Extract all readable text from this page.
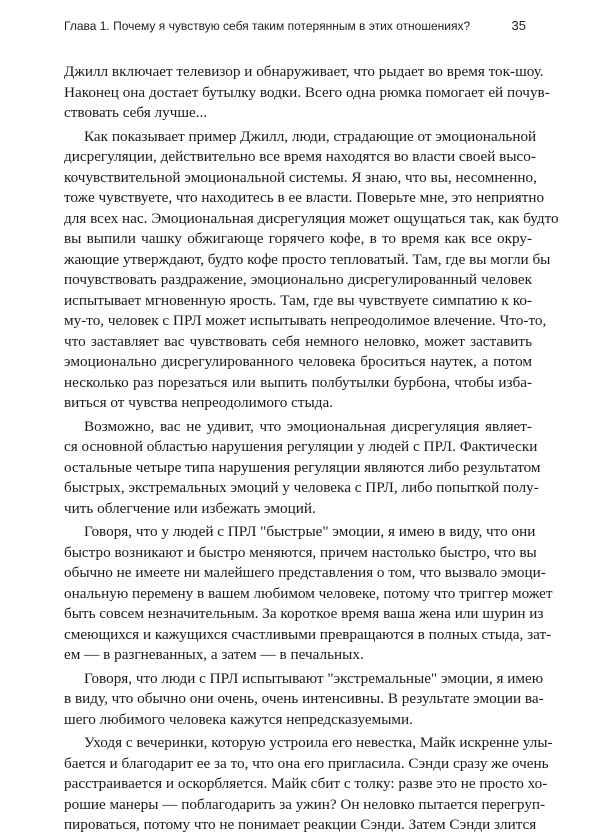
Глава 1. Почему я чувствую себя таким потерянным в этих отношениях?	35
Джилл включает телевизор и обнаруживает, что рыдает во время ток-шоу.
Наконец она достает бутылку водки. Всего одна рюмка помогает ей почув-
ствовать себя лучше...
Как показывает пример Джилл, люди, страдающие от эмоциональной
дисрегуляции, действительно все время находятся во власти своей высо-
кочувствительной эмоциональной системы. Я знаю, что вы, несомненно,
тоже чувствуете, что находитесь в ее власти. Поверьте мне, это неприятно
для всех нас. Эмоциональная дисрегуляция может ощущаться так, как будто
вы выпили чашку обжигающе горячего кофе, в то время как все окру-
жающие утверждают, будто кофе просто тепловатый. Там, где вы могли бы
почувствовать раздражение, эмоционально дисрегулированный человек
испытывает мгновенную ярость. Там, где вы чувствуете симпатию к ко-
му-то, человек с ПРЛ может испытывать непреодолимое влечение. Что-то,
что заставляет вас чувствовать себя немного неловко, может заставить
эмоционально дисрегулированного человека броситься наутек, а потом
несколько раз порезаться или выпить полбутылки бурбона, чтобы изба-
виться от чувства непреодолимого стыда.
Возможно, вас не удивит, что эмоциональная дисрегуляция являет-
ся основной областью нарушения регуляции у людей с ПРЛ. Фактически
остальные четыре типа нарушения регуляции являются либо результатом
быстрых, экстремальных эмоций у человека с ПРЛ, либо попыткой полу-
чить облегчение или избежать эмоций.
Говоря, что у людей с ПРЛ "быстрые" эмоции, я имею в виду, что они
быстро возникают и быстро меняются, причем настолько быстро, что вы
обычно не имеете ни малейшего представления о том, что вызвало эмоци-
ональную перемену в вашем любимом человеке, потому что триггер может
быть совсем незначительным. За короткое время ваша жена или шурин из
смеющихся и кажущихся счастливыми превращаются в полных стыда, зат-
ем — в разгневанных, а затем — в печальных.
Говоря, что люди с ПРЛ испытывают "экстремальные" эмоции, я имею
в виду, что обычно они очень, очень интенсивны. В результате эмоции ва-
шего любимого человека кажутся непредсказуемыми.
Уходя с вечеринки, которую устроила его невестка, Майк искренне улы-
бается и благодарит ее за то, что она его пригласила. Сэнди сразу же очень
расстраивается и оскорбляется. Майк сбит с толку: разве это не просто хо-
рошие манеры — поблагодарить за ужин? Он неловко пытается перегруп-
пироваться, потому что не понимает реакции Сэнди. Затем Сэнди злится
